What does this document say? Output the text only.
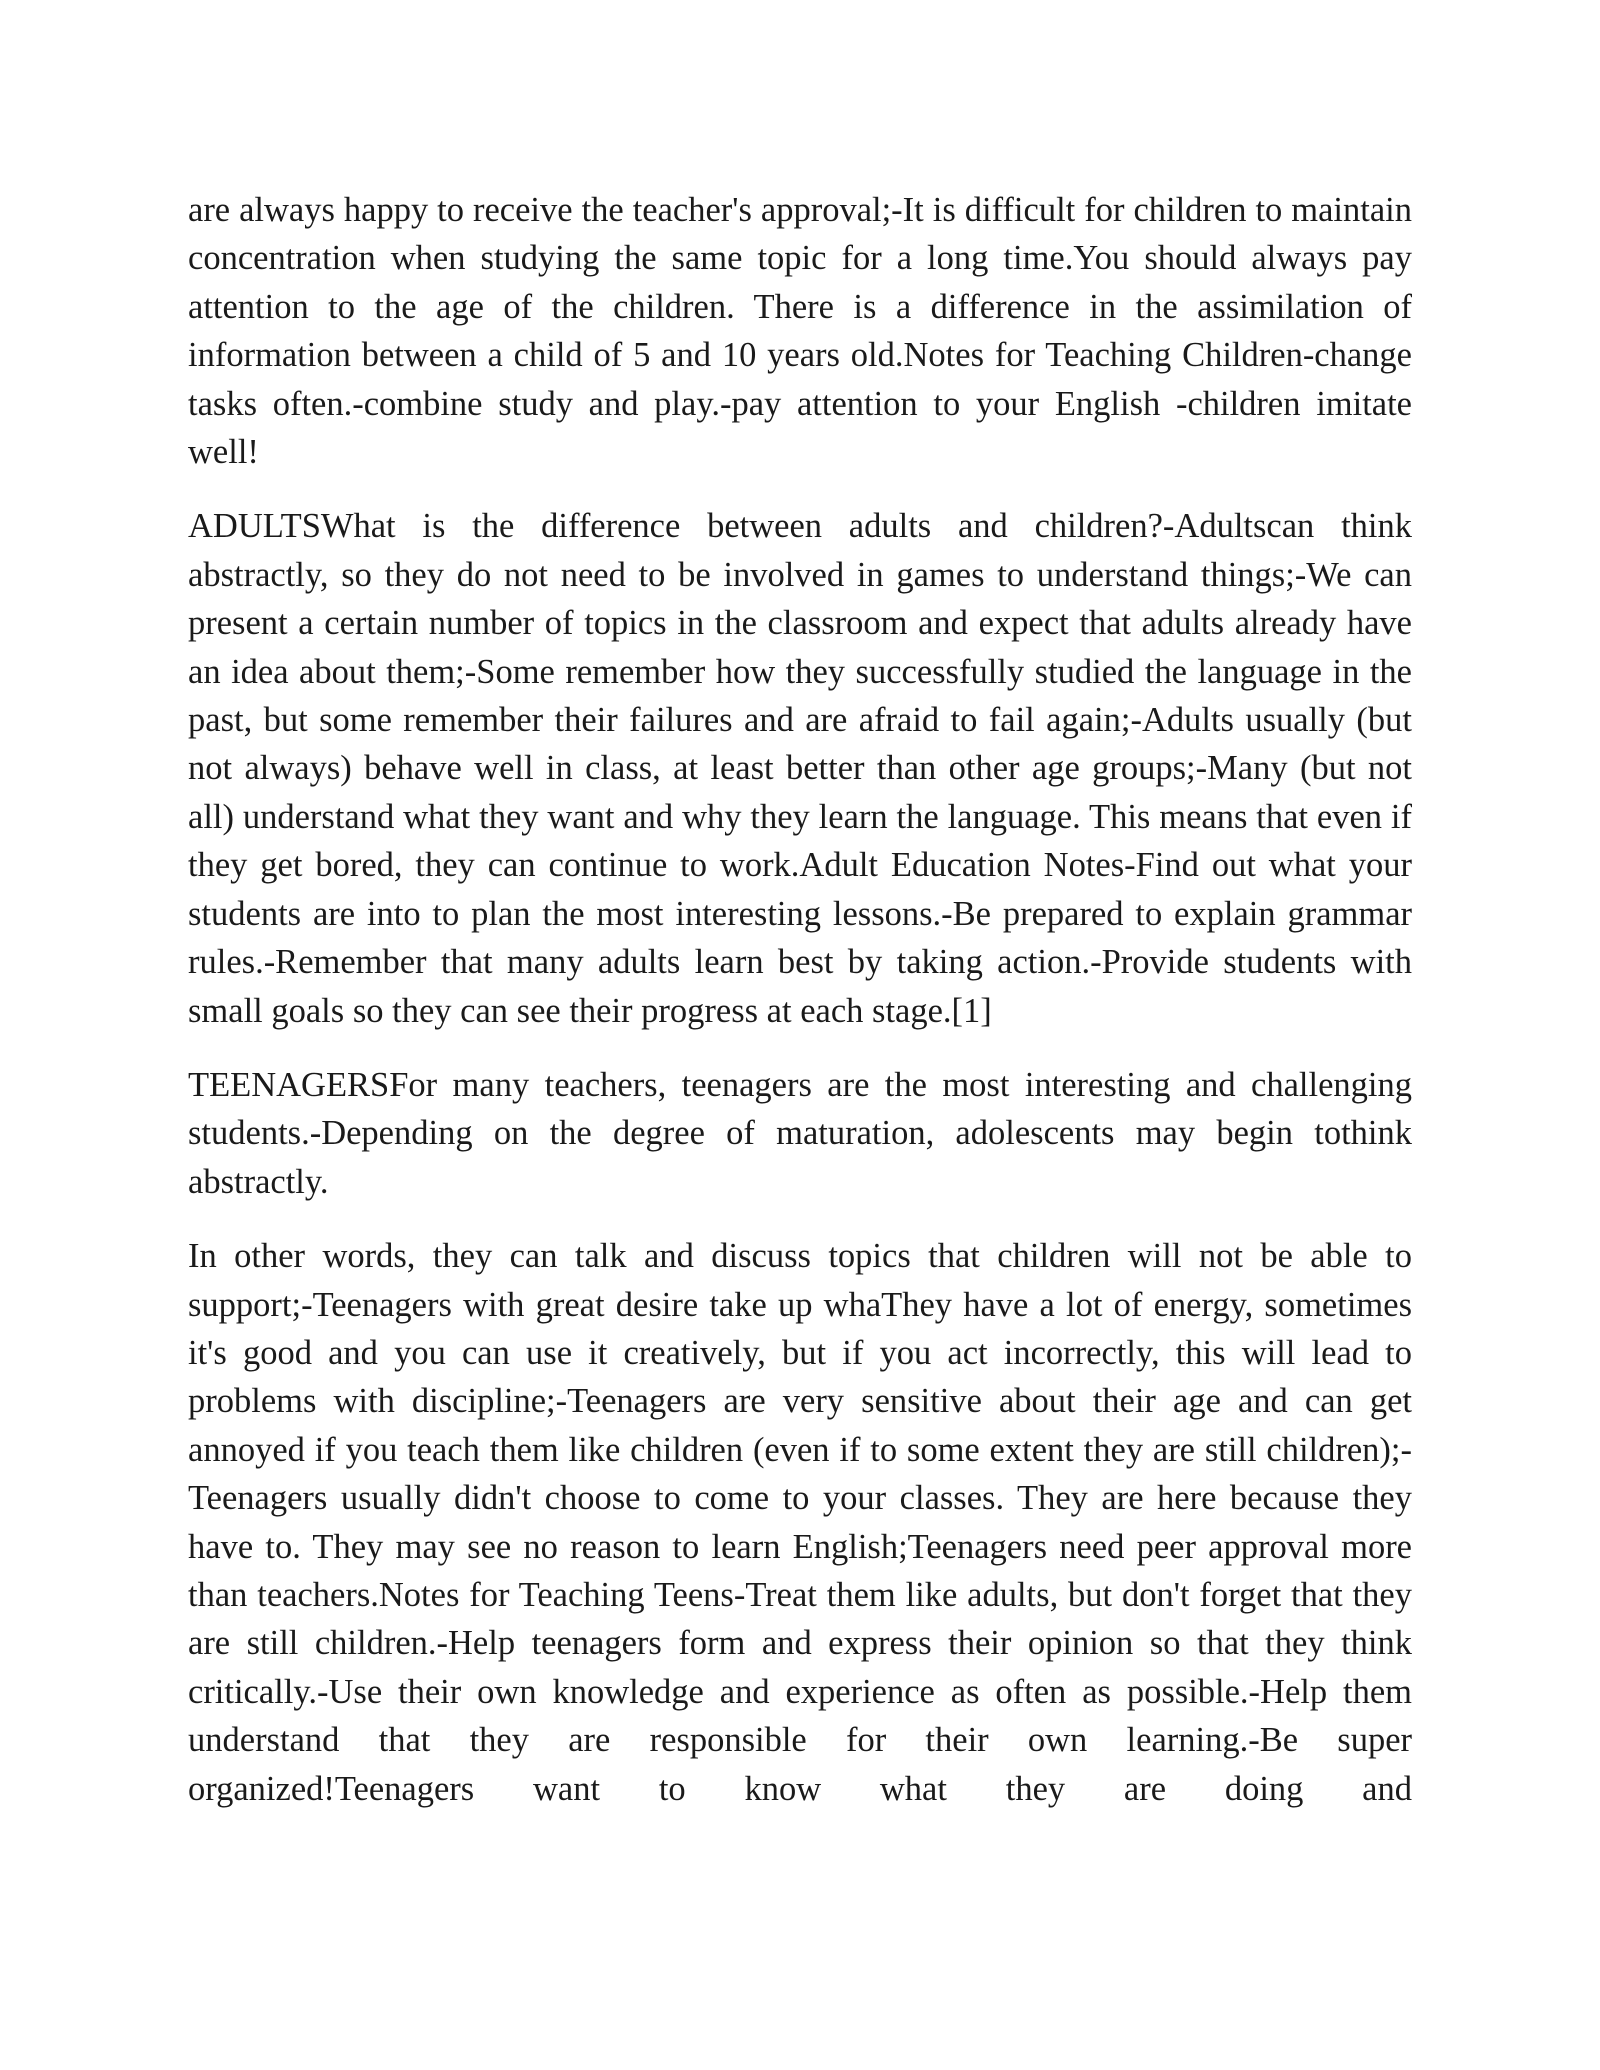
are always happy to receive the teacher's approval;-It is difficult for children to maintain concentration when studying the same topic for a long time.You should always pay attention to the age of the children. There is a difference in the assimilation of information between a child of 5 and 10 years old.Notes for Teaching Children-change tasks often.-combine study and play.-pay attention to your English -children imitate well!

ADULTSWhat is the difference between adults and children?-Adultscan think abstractly, so they do not need to be involved in games to understand things;-We can present a certain number of topics in the classroom and expect that adults already have an idea about them;-Some remember how they successfully studied the language in the past, but some remember their failures and are afraid to fail again;-Adults usually (but not always) behave well in class, at least better than other age groups;-Many (but not all) understand what they want and why they learn the language. This means that even if they get bored, they can continue to work.Adult Education Notes-Find out what your students are into to plan the most interesting lessons.-Be prepared to explain grammar rules.-Remember that many adults learn best by taking action.-Provide students with small goals so they can see their progress at each stage.[1]

TEENAGERSFor many teachers, teenagers are the most interesting and challenging students.-Depending on the degree of maturation, adolescents may begin tothink abstractly.

In other words, they can talk and discuss topics that children will not be able to support;-Teenagers with great desire take up whaThey have a lot of energy, sometimes it's good and you can use it creatively, but if you act incorrectly, this will lead to problems with discipline;-Teenagers are very sensitive about their age and can get annoyed if you teach them like children (even if to some extent they are still children);-Teenagers usually didn't choose to come to your classes. They are here because they have to. They may see no reason to learn English;Teenagers need peer approval more than teachers.Notes for Teaching Teens-Treat them like adults, but don't forget that they are still children.-Help teenagers form and express their opinion so that they think critically.-Use their own knowledge and experience as often as possible.-Help them understand that they are responsible for their own learning.-Be super organized!Teenagers want to know what they are doing and
